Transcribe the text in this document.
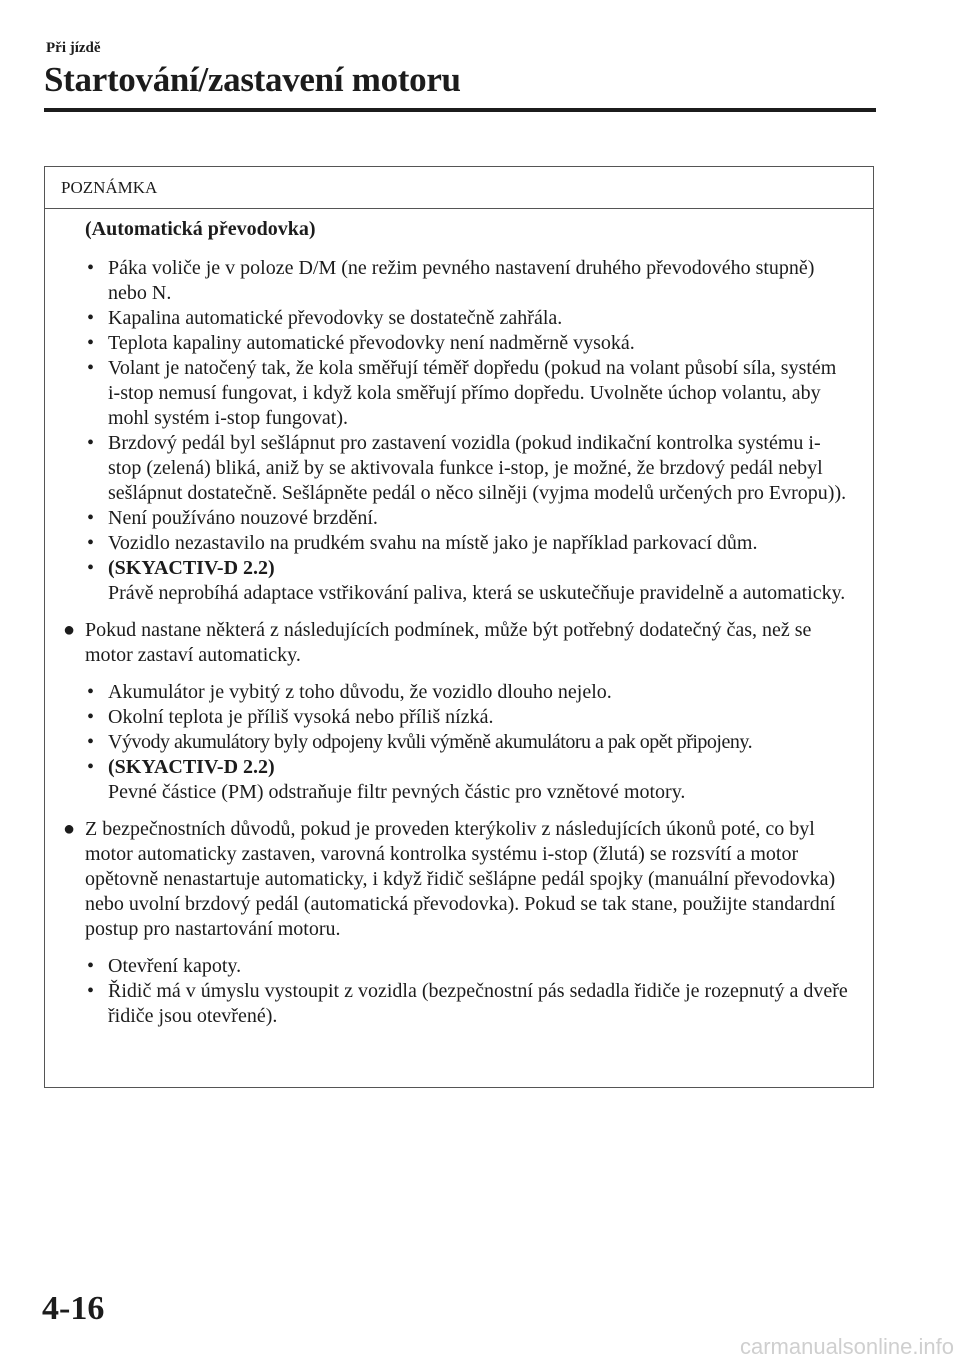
Při jízdě

Startování/zastavení motoru
POZNÁMKA

(Automatická převodovka)

• Páka voliče je v poloze D/M (ne režim pevného nastavení druhého převodového stupně) nebo N.
• Kapalina automatické převodovky se dostatečně zahřála.
• Teplota kapaliny automatické převodovky není nadměrně vysoká.
• Volant je natočený tak, že kola směřují téměř dopředu (pokud na volant působí síla, systém i-stop nemusí fungovat, i když kola směřují přímo dopředu. Uvolněte úchop volantu, aby mohl systém i-stop fungovat).
• Brzdový pedál byl sešlápnut pro zastavení vozidla (pokud indikační kontrolka systému i-stop (zelená) bliká, aniž by se aktivovala funkce i-stop, je možné, že brzdový pedál nebyl sešlápnut dostatečně. Sešlápněte pedál o něco silněji (vyjma modelů určených pro Evropu)).
• Není používáno nouzové brzdění.
• Vozidlo nezastavilo na prudkém svahu na místě jako je například parkovací dům.
• (SKYACTIV-D 2.2)
Právě neprobíhá adaptace vstřikování paliva, která se uskutečňuje pravidelně a automaticky.

● Pokud nastane některá z následujících podmínek, může být potřebný dodatečný čas, než se motor zastaví automaticky.

• Akumulátor je vybitý z toho důvodu, že vozidlo dlouho nejelo.
• Okolní teplota je příliš vysoká nebo příliš nízká.
• Vývody akumulátory byly odpojeny kvůli výměně akumulátoru a pak opět připojeny.
• (SKYACTIV-D 2.2)
Pevné částice (PM) odstraňuje filtr pevných částic pro vznětové motory.

● Z bezpečnostních důvodů, pokud je proveden kterýkoliv z následujících úkonů poté, co byl motor automaticky zastaven, varovná kontrolka systému i-stop (žlutá) se rozsvítí a motor opětovně nenastartuje automaticky, i když řidič sešlápne pedál spojky (manuální převodovka) nebo uvolní brzdový pedál (automatická převodovka). Pokud se tak stane, použijte standardní postup pro nastartování motoru.

• Otevření kapoty.
• Řidič má v úmyslu vystoupit z vozidla (bezpečnostní pás sedadla řidiče je rozepnutý a dveře řidiče jsou otevřené).

4-16

carmanualsonline.info
